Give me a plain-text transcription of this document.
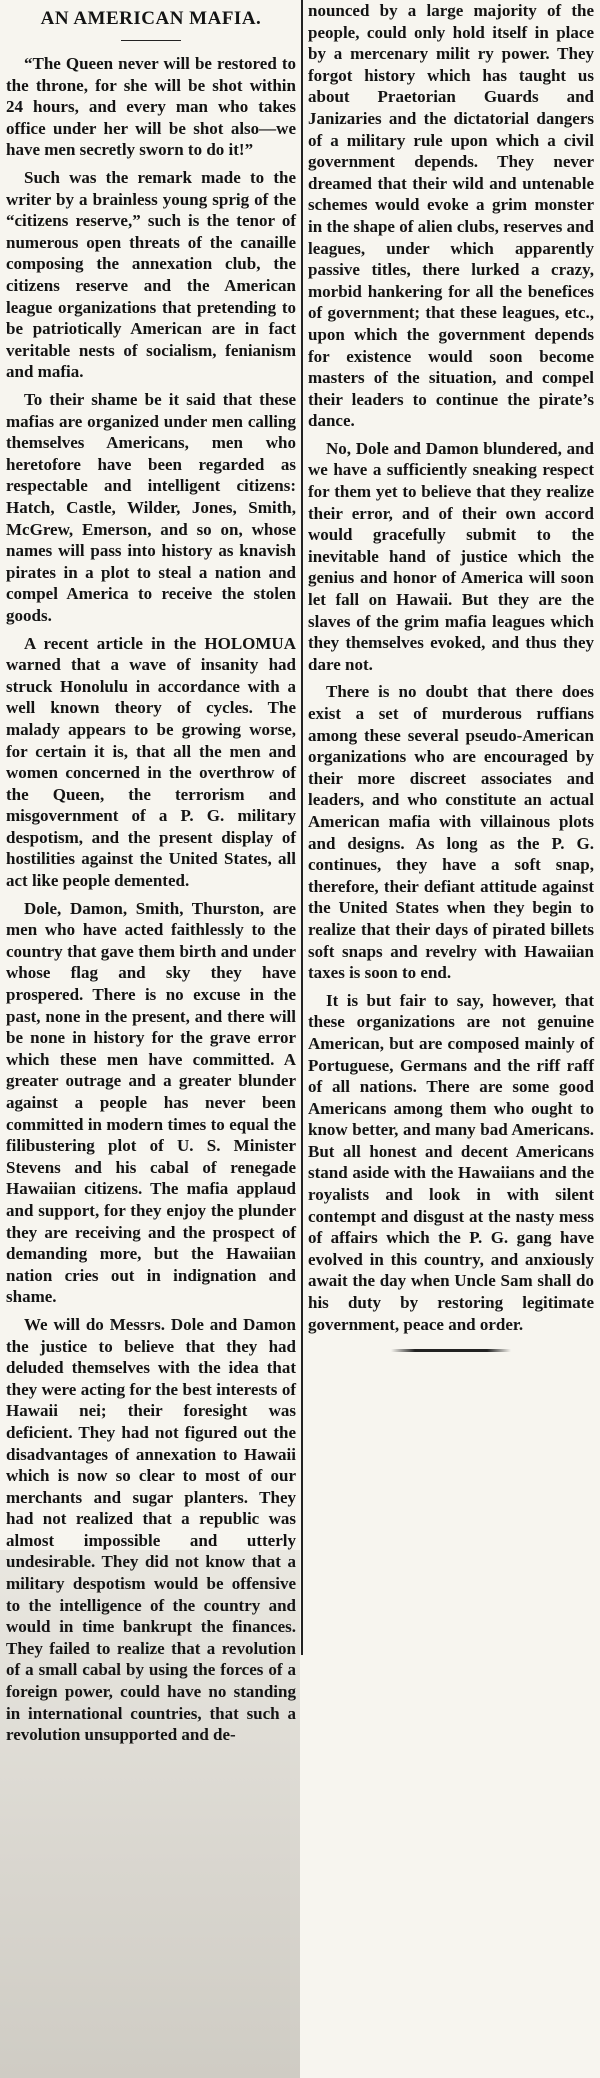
AN AMERICAN MAFIA.

“The Queen never will be restored to the throne, for she will be shot within 24 hours, and every man who takes office under her will be shot also—we have men secretly sworn to do it!”

Such was the remark made to the writer by a brainless young sprig of the “citizens reserve,” such is the tenor of numerous open threats of the canaille composing the annexation club, the citizens reserve and the American league organizations that pretending to be patriotically American are in fact veritable nests of socialism, fenianism and mafia.

To their shame be it said that these mafias are organized under men calling themselves Americans, men who heretofore have been regarded as respectable and intelligent citizens: Hatch, Castle, Wilder, Jones, Smith, McGrew, Emerson, and so on, whose names will pass into history as knavish pirates in a plot to steal a nation and compel America to receive the stolen goods.

A recent article in the HOLOMUA warned that a wave of insanity had struck Honolulu in accordance with a well known theory of cycles. The malady appears to be growing worse, for certain it is, that all the men and women concerned in the overthrow of the Queen, the terrorism and misgovernment of a P. G. military despotism, and the present display of hostilities against the United States, all act like people demented.

Dole, Damon, Smith, Thurston, are men who have acted faithlessly to the country that gave them birth and under whose flag and sky they have prospered. There is no excuse in the past, none in the present, and there will be none in history for the grave error which these men have committed. A greater outrage and a greater blunder against a people has never been committed in modern times to equal the filibustering plot of U. S. Minister Stevens and his cabal of renegade Hawaiian citizens. The mafia applaud and support, for they enjoy the plunder they are receiving and the prospect of demanding more, but the Hawaiian nation cries out in indignation and shame.

We will do Messrs. Dole and Damon the justice to believe that they had deluded themselves with the idea that they were acting for the best interests of Hawaii nei; their foresight was deficient. They had not figured out the disadvantages of annexation to Hawaii which is now so clear to most of our merchants and sugar planters. They had not realized that a republic was almost impossible and utterly undesirable. They did not know that a military despotism would be offensive to the intelligence of the country and would in time bankrupt the finances. They failed to realize that a revolution of a small cabal by using the forces of a foreign power, could have no standing in international countries, that such a revolution unsupported and de-

nounced by a large majority of the people, could only hold itself in place by a mercenary milit ry power. They forgot history which has taught us about Praetorian Guards and Janizaries and the dictatorial dangers of a military rule upon which a civil government depends. They never dreamed that their wild and untenable schemes would evoke a grim monster in the shape of alien clubs, reserves and leagues, under which apparently passive titles, there lurked a crazy, morbid hankering for all the benefices of government; that these leagues, etc., upon which the government depends for existence would soon become masters of the situation, and compel their leaders to continue the pirate’s dance.

No, Dole and Damon blundered, and we have a sufficiently sneaking respect for them yet to believe that they realize their error, and of their own accord would gracefully submit to the inevitable hand of justice which the genius and honor of America will soon let fall on Hawaii. But they are the slaves of the grim mafia leagues which they themselves evoked, and thus they dare not.

There is no doubt that there does exist a set of murderous ruffians among these several pseudo-American organizations who are encouraged by their more discreet associates and leaders, and who constitute an actual American mafia with villainous plots and designs. As long as the P. G. continues, they have a soft snap, therefore, their defiant attitude against the United States when they begin to realize that their days of pirated billets soft snaps and revelry with Hawaiian taxes is soon to end.

It is but fair to say, however, that these organizations are not genuine American, but are composed mainly of Portuguese, Germans and the riff raff of all nations. There are some good Americans among them who ought to know better, and many bad Americans. But all honest and decent Americans stand aside with the Hawaiians and the royalists and look in with silent contempt and disgust at the nasty mess of affairs which the P. G. gang have evolved in this country, and anxiously await the day when Uncle Sam shall do his duty by restoring legitimate government, peace and order.
